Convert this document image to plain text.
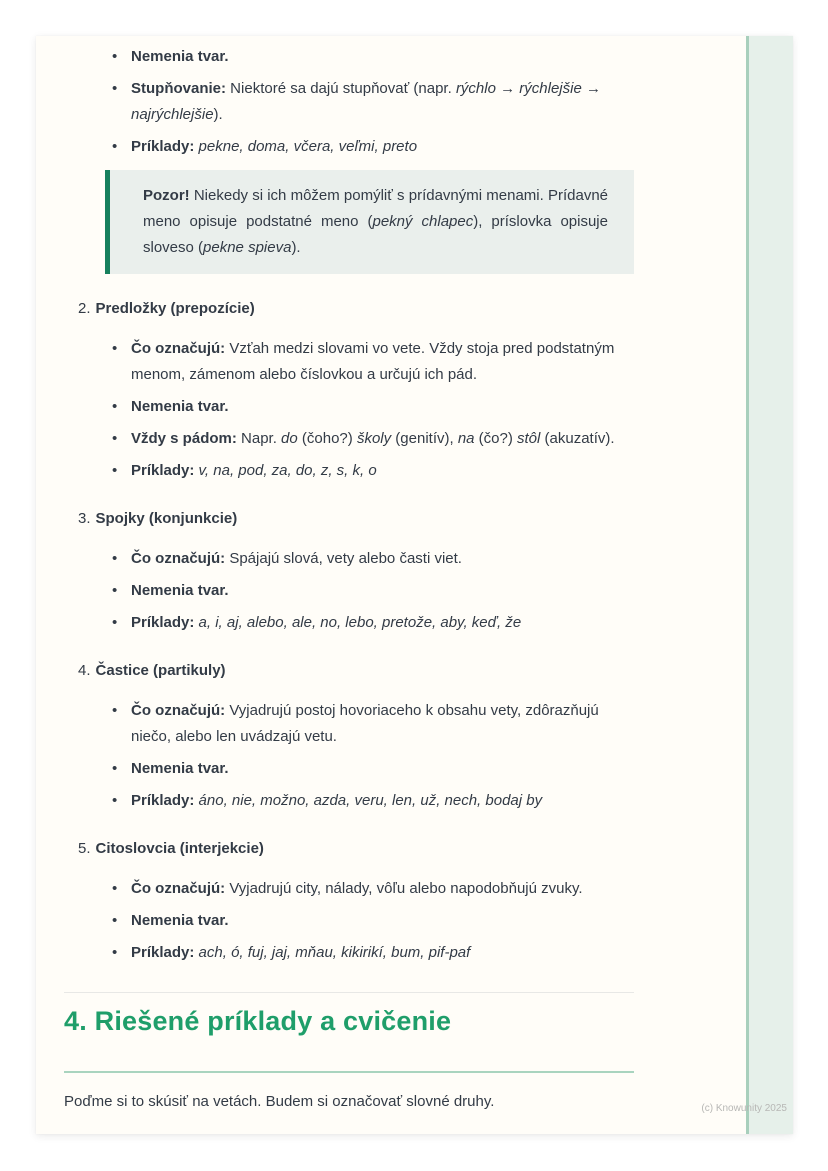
• Nemenia tvar.
• Stupňovanie: Niektoré sa dajú stupňovať (napr. rýchlo → rýchlejšie → najrýchlejšie).
• Príklady: pekne, doma, včera, veľmi, preto

Pozor! Niekedy si ich môžem pomýliť s prídavnými menami. Prídavné meno opisuje podstatné meno (pekný chlapec), príslovka opisuje sloveso (pekne spieva).

2. Predložky (prepozície)
• Čo označujú: Vzťah medzi slovami vo vete. Vždy stoja pred podstatným menom, zámenom alebo číslovkou a určujú ich pád.
• Nemenia tvar.
• Vždy s pádom: Napr. do (čoho?) školy (genitív), na (čo?) stôl (akuzatív).
• Príklady: v, na, pod, za, do, z, s, k, o
3. Spojky (konjunkcie)
• Čo označujú: Spájajú slová, vety alebo časti viet.
• Nemenia tvar.
• Príklady: a, i, aj, alebo, ale, no, lebo, pretože, aby, keď, že
4. Častice (partikuly)
• Čo označujú: Vyjadrujú postoj hovoriaceho k obsahu vety, zdôrazňujú niečo, alebo len uvádzajú vetu.
• Nemenia tvar.
• Príklady: áno, nie, možno, azda, veru, len, už, nech, bodaj by
5. Citoslovcia (interjekcie)
• Čo označujú: Vyjadrujú city, nálady, vôľu alebo napodobňujú zvuky.
• Nemenia tvar.
• Príklady: ach, ó, fuj, jaj, mňau, kikirikí, bum, pif-paf
4. Riešené príklady a cvičenie

Poďme si to skúsiť na vetách. Budem si označovať slovné druhy.	(c) Knowunity 2025
